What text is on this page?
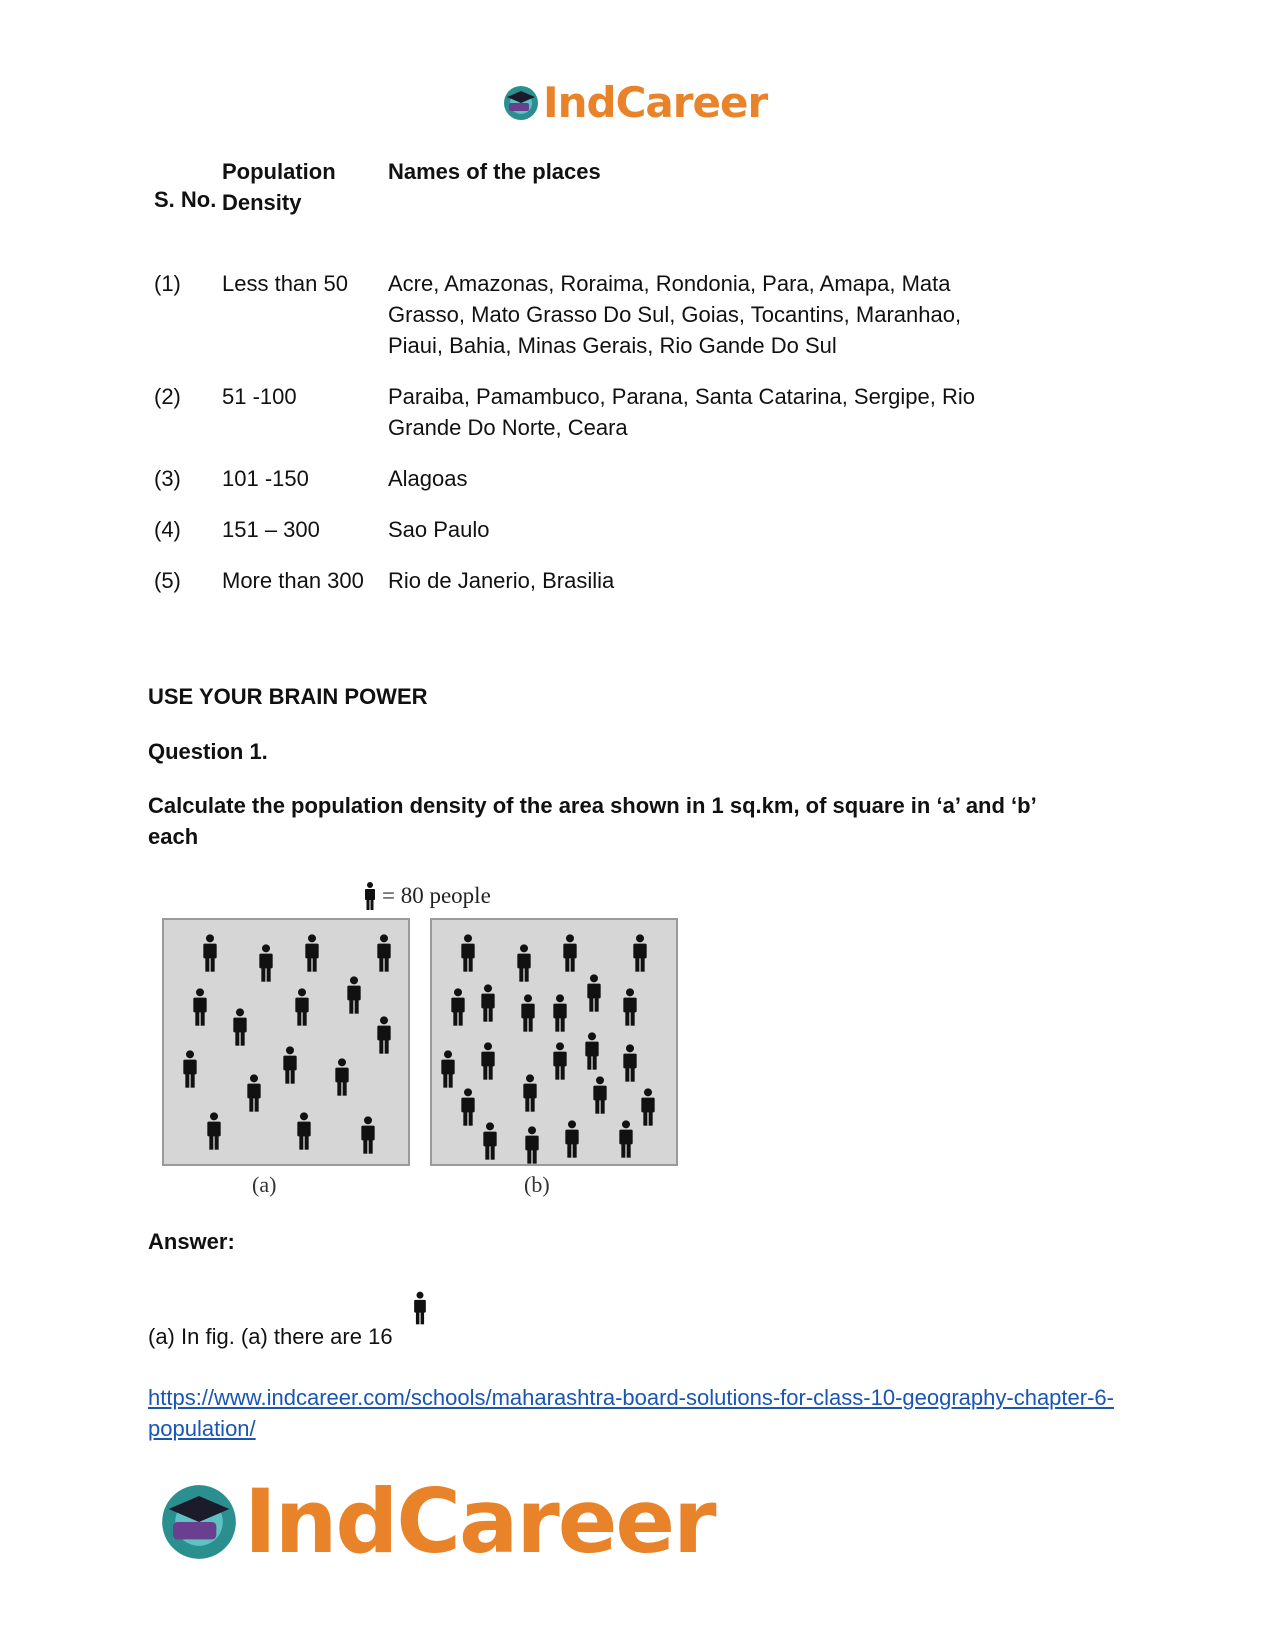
IndCareer
S. No.	Population Density	Names of the places
(1)	Less than 50	Acre, Amazonas, Roraima, Rondonia, Para, Amapa, Mata Grasso, Mato Grasso Do Sul, Goias, Tocantins, Maranhao, Piaui, Bahia, Minas Gerais, Rio Gande Do Sul
(2)	51 -100	Paraiba, Pamambuco, Parana, Santa Catarina, Sergipe, Rio Grande Do Norte, Ceara
(3)	101 -150	Alagoas
(4)	151 – 300	Sao Paulo
(5)	More than 300	Rio de Janerio, Brasilia
USE YOUR BRAIN POWER
Question 1.
Calculate the population density of the area shown in 1 sq.km, of square in ‘a’ and ‘b’ each
= 80 people
(a)	(b)
Answer:
(a) In fig. (a) there are 16
https://www.indcareer.com/schools/maharashtra-board-solutions-for-class-10-geography-chapter-6-population/
IndCareer
